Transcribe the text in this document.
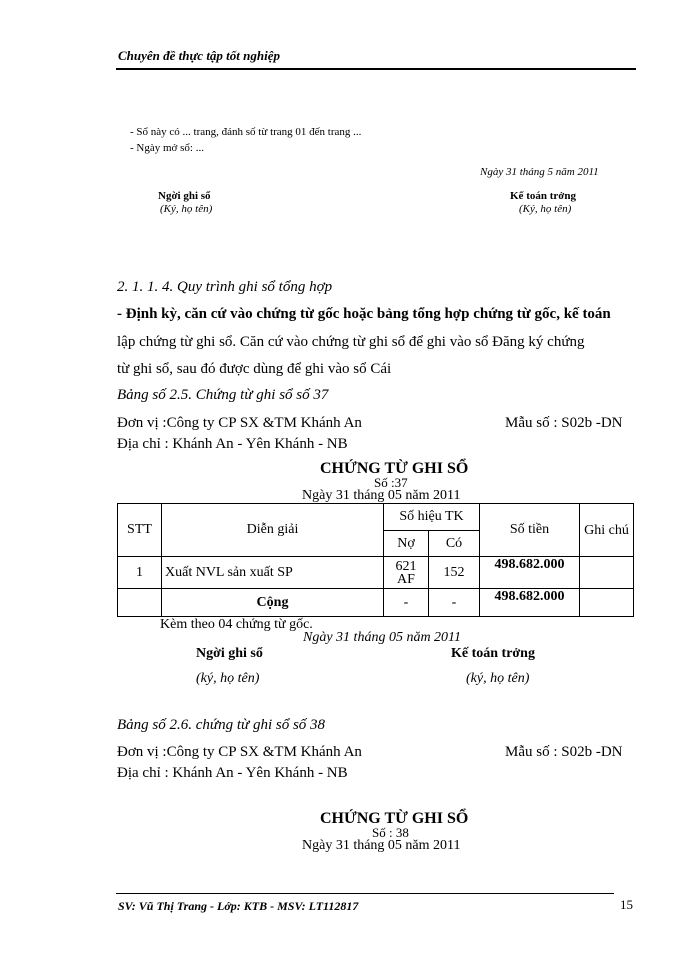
Chuyên đề thực tập tốt nghiệp
- Sổ này có ... trang, đánh số từ trang 01 đến trang ...
- Ngày mở sổ: ...
Ngày 31 tháng 5 năm 2011
Ngời ghi sổ
(Ký, họ tên)
Kế toán trởng
(Ký, họ tên)
2. 1. 1. 4. Quy trình ghi sổ tổng hợp
- Định kỳ, căn cứ vào chứng từ gốc hoặc bảng tổng hợp chứng từ gốc, kế toán
lập chứng từ ghi sổ. Căn cứ vào chứng từ ghi sổ để ghi vào sổ Đăng ký chứng
từ ghi sổ, sau đó được dùng để ghi vào sổ Cái
Bảng số 2.5. Chứng từ ghi sổ số 37
Đơn vị :Công ty CP SX &TM Khánh An	Mẫu số : S02b -DN
Địa chỉ : Khánh An - Yên Khánh - NB
CHỨNG TỪ GHI SỔ
Số :37
Ngày 31 tháng 05 năm 2011
STT	Diễn giải	Số hiệu TK		Số tiền	Ghi chú
		Nợ	Có		
1	Xuất NVL sản xuất SP	621 AF	152	498.682.000	
	Cộng	-	-	498.682.000	
Kèm theo 04 chứng từ gốc.
Ngày 31 tháng 05 năm 2011
Ngời ghi sổ	Kế toán trởng
(ký, họ tên)	(ký, họ tên)
Bảng số 2.6. chứng từ ghi sổ số 38
Đơn vị :Công ty CP SX &TM Khánh An	Mẫu số : S02b -DN
Địa chỉ : Khánh An - Yên Khánh - NB
CHỨNG TỪ GHI SỔ
Số : 38
Ngày 31 tháng 05 năm 2011
SV: Vũ Thị Trang - Lớp: KTB - MSV: LT112817	15
